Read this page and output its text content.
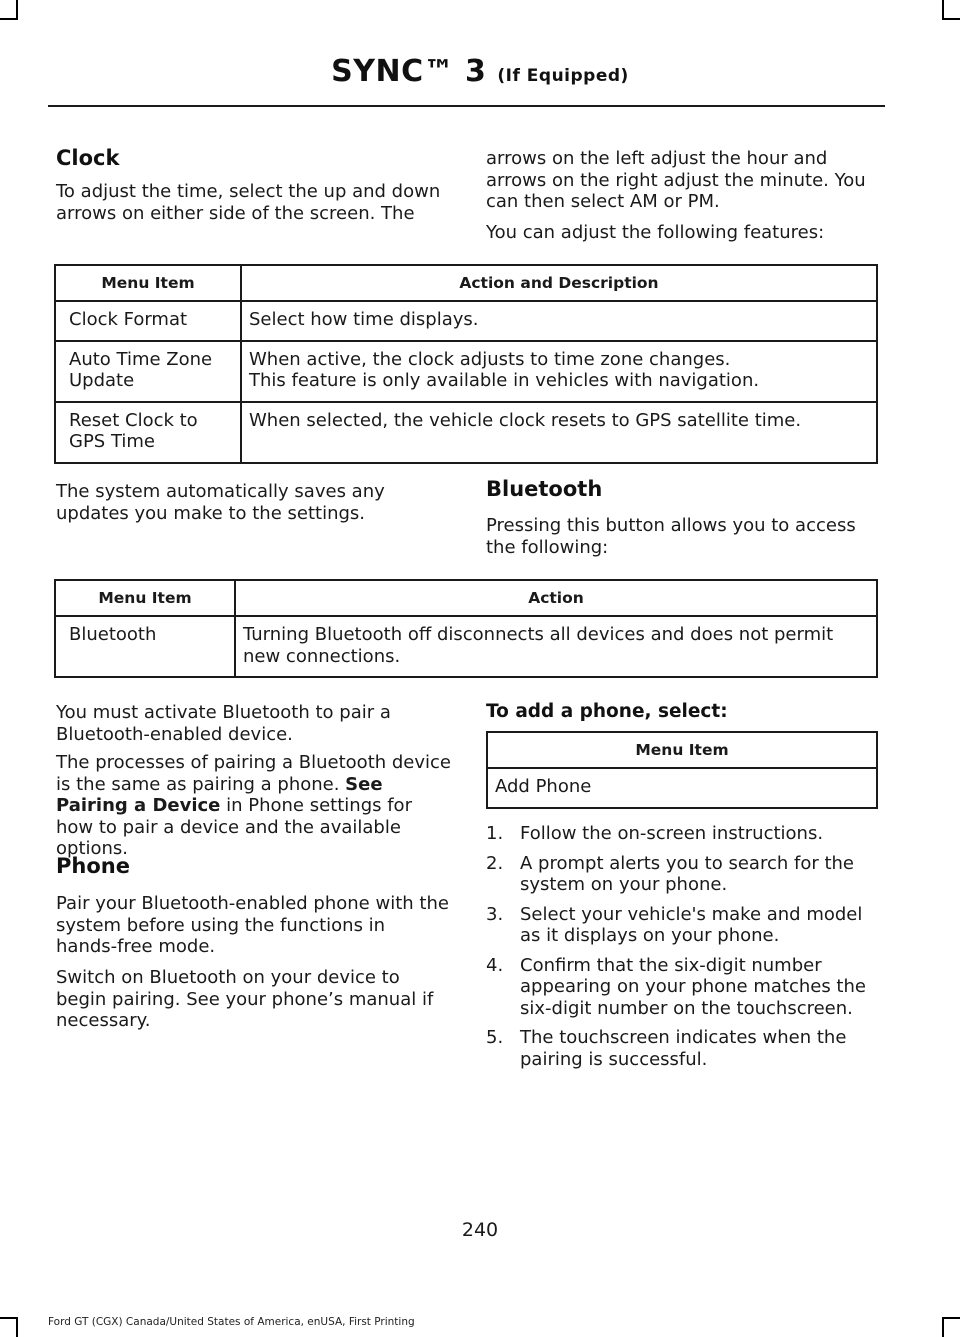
SYNC™ 3 (If Equipped)
Clock

To adjust the time, select the up and down arrows on either side of the screen. The

arrows on the left adjust the hour and arrows on the right adjust the minute. You can then select AM or PM.

You can adjust the following features:

Menu Item	Action and Description
Clock Format	Select how time displays.
Auto Time Zone Update	When active, the clock adjusts to time zone changes.
This feature is only available in vehicles with navigation.

Reset Clock to GPS Time	When selected, the vehicle clock resets to GPS satellite time.

The system automatically saves any updates you make to the settings.

Bluetooth

Pressing this button allows you to access the following:

Menu Item	Action
Bluetooth	Turning Bluetooth off disconnects all devices and does not permit new connections.

You must activate Bluetooth to pair a Bluetooth-enabled device.

The processes of pairing a Bluetooth device is the same as pairing a phone. See Pairing a Device in Phone settings for how to pair a device and the available options.

Phone

Pair your Bluetooth-enabled phone with the system before using the functions in hands-free mode.

Switch on Bluetooth on your device to begin pairing. See your phone’s manual if necessary.

To add a phone, select:
Menu Item
Add Phone
1. Follow the on-screen instructions.
2. A prompt alerts you to search for the system on your phone.
3. Select your vehicle's make and model as it displays on your phone.
4. Confirm that the six-digit number appearing on your phone matches the six-digit number on the touchscreen.
5. The touchscreen indicates when the pairing is successful.
240
Ford GT (CGX) Canada/United States of America, enUSA, First Printing
